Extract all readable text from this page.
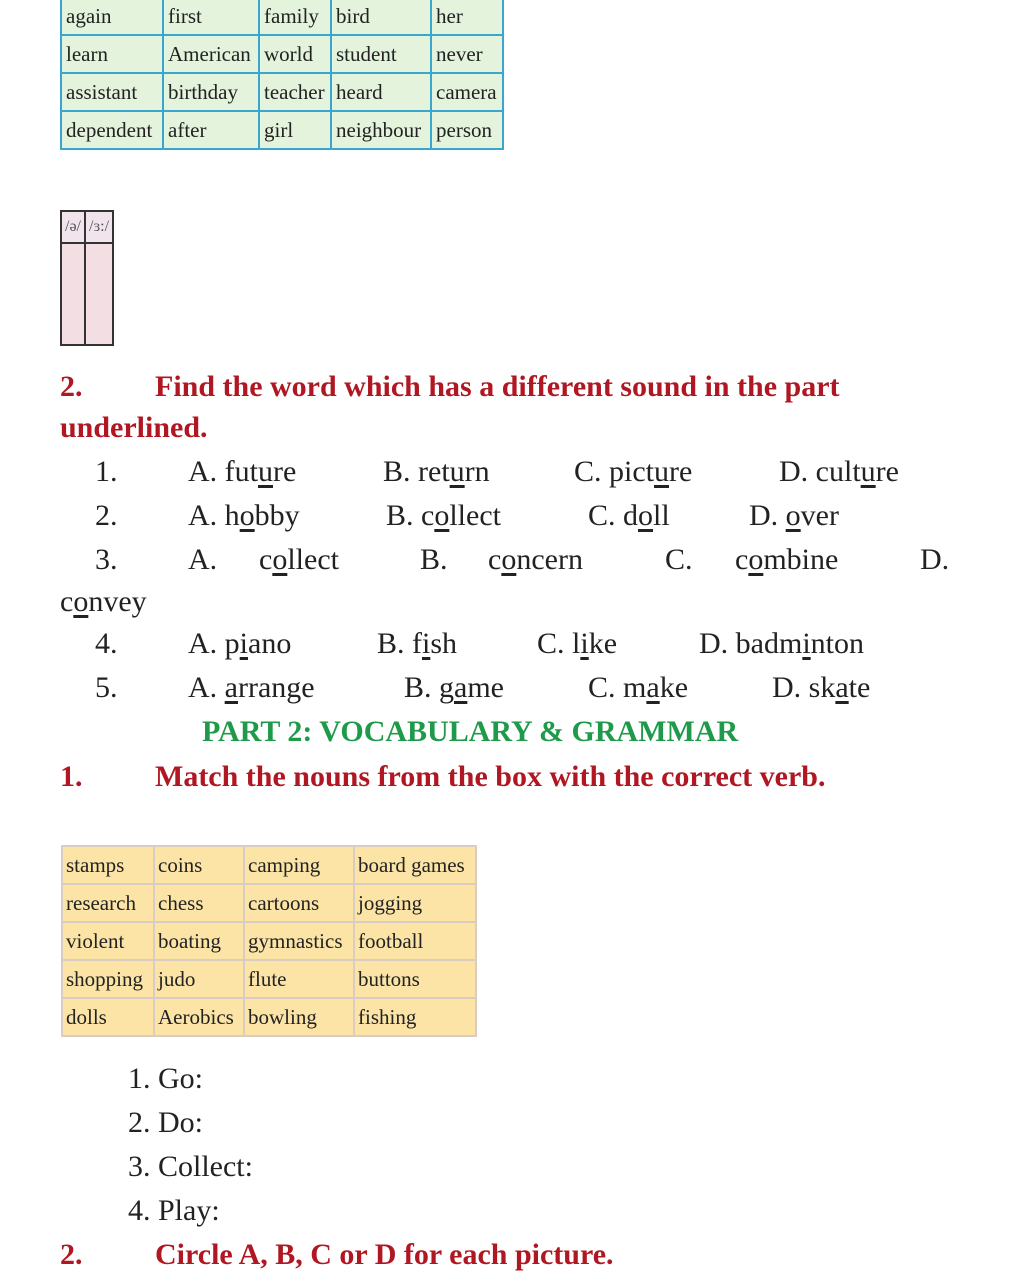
again	first	family	bird	her
learn	American	world	student	never
assistant	birthday	teacher	heard	camera
dependent	after	girl	neighbour	person
/ə/	/ɜ:/

2. Find the word which has a different sound in the part
underlined.
1. A. future	B. return	C. picture	D. culture
2. A. hobby	B. collect	C. doll	D. over
3. A. collect	B. concern	C. combine	D.
convey
4. A. piano	B. fish	C. like	D. badminton
5. A. arrange	B. game	C. make	D. skate
PART 2: VOCABULARY & GRAMMAR
1. Match the nouns from the box with the correct verb.
stamps	coins	camping	board games
research	chess	cartoons	jogging
violent	boating	gymnastics	football
shopping	judo	flute	buttons
dolls	Aerobics	bowling	fishing
1. Go:
2. Do:
3. Collect:
4. Play:
2. Circle A, B, C or D for each picture.
